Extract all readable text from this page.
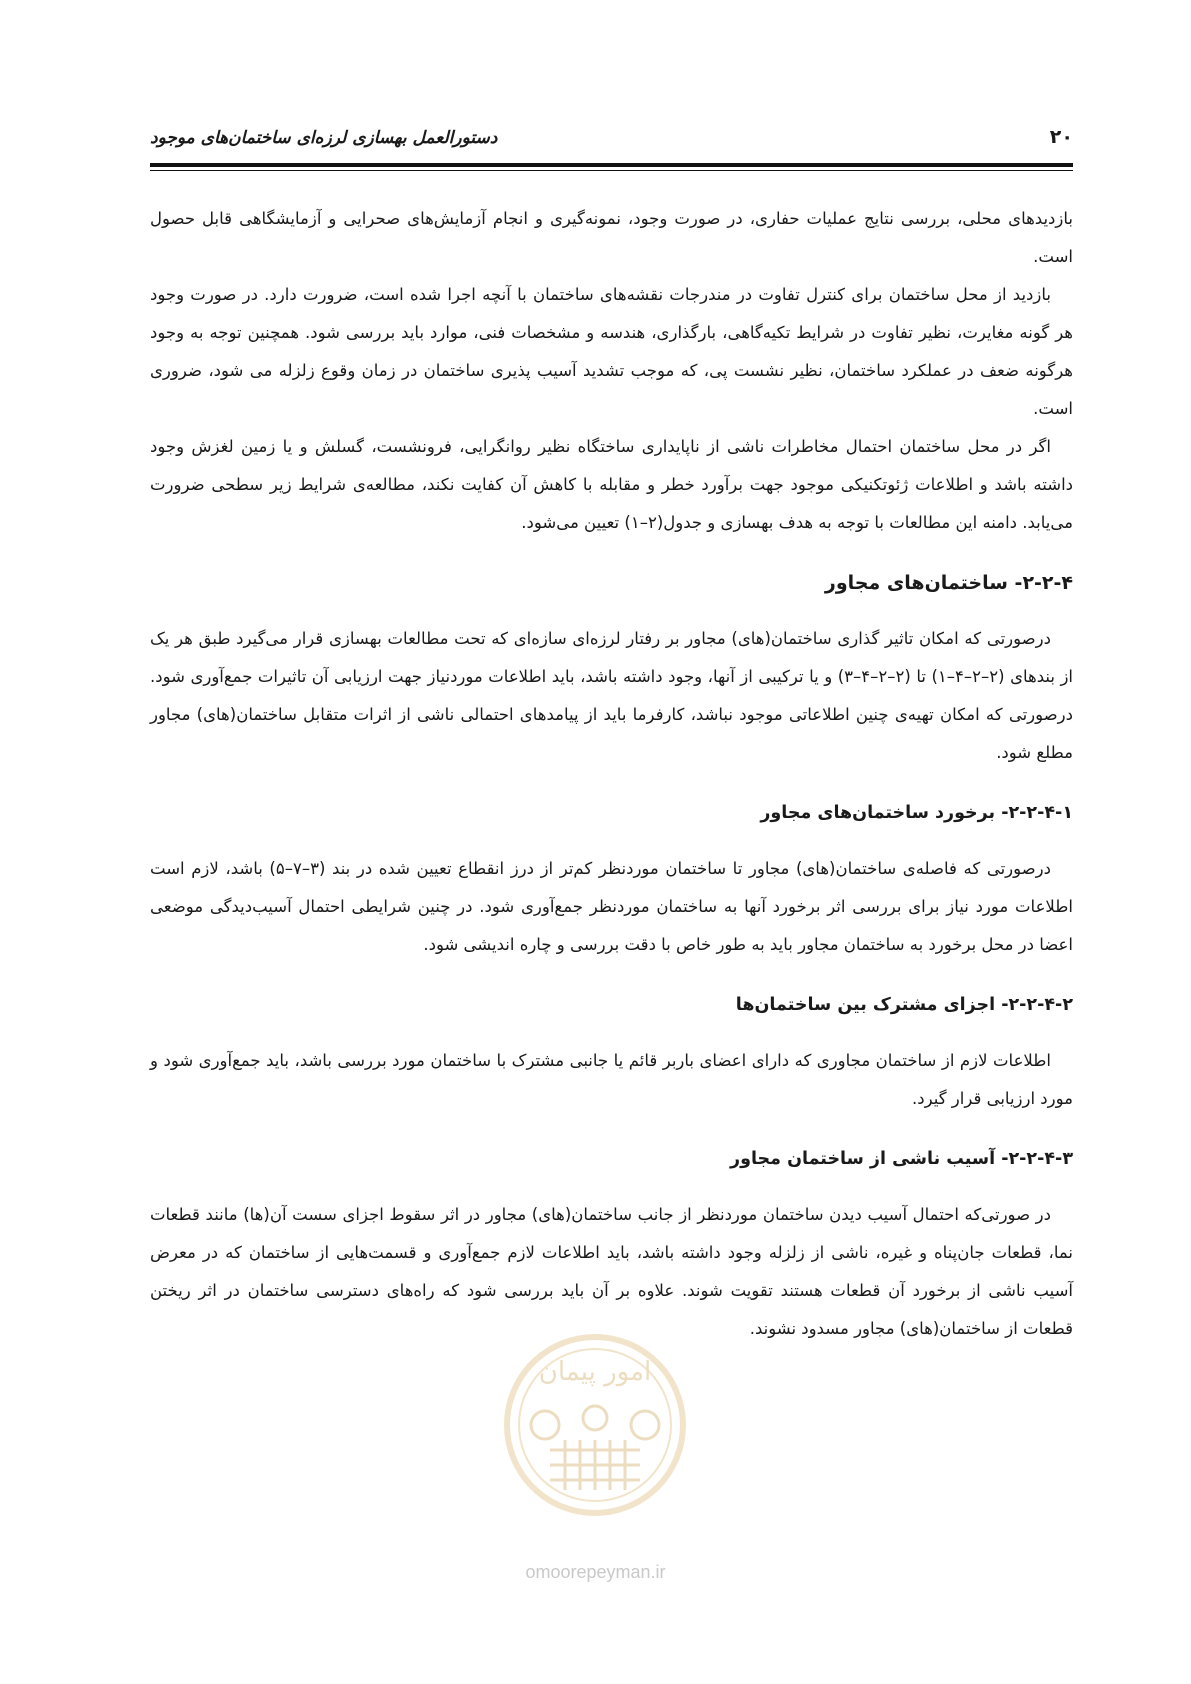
۲۰
دستورالعمل بهسازی لرزه‌ای ساختمان‌های موجود

بازدیدهای محلی، بررسی نتایج عملیات حفاری، در صورت وجود، نمونه‌گیری و انجام آزمایش‌های صحرایی و آزمایشگاهی قابل حصول است.

بازدید از محل ساختمان برای کنترل تفاوت در مندرجات نقشه‌های ساختمان با آنچه اجرا شده است، ضرورت دارد. در صورت وجود هر گونه مغایرت، نظیر تفاوت در شرایط تکیه‌گاهی، بارگذاری، هندسه و مشخصات فنی، موارد باید بررسی شود. همچنین توجه به وجود هرگونه ضعف در عملکرد ساختمان، نظیر نشست پی، که موجب تشدید آسیب پذیری ساختمان در زمان وقوع زلزله می شود، ضروری است.

اگر در محل ساختمان احتمال مخاطرات ناشی از ناپایداری ساختگاه نظیر روانگرایی، فرونشست، گسلش و یا زمین لغزش وجود داشته باشد و اطلاعات ژئوتکنیکی موجود جهت برآورد خطر و مقابله با کاهش آن کفایت نکند، مطالعه‌ی شرایط زیر سطحی ضرورت می‌یابد. دامنه این مطالعات با توجه به هدف بهسازی و جدول(۲–۱) تعیین می‌شود.

۲-۲-۴- ساختمان‌های مجاور

درصورتی که امکان تاثیر گذاری ساختمان(های) مجاور بر رفتار لرزه‌ای سازه‌ای که تحت مطالعات بهسازی قرار می‌گیرد طبق هر یک از بندهای (۲–۲–۴–۱) تا (۲–۲–۴–۳) و یا ترکیبی از آنها، وجود داشته باشد، باید اطلاعات موردنیاز جهت ارزیابی آن تاثیرات جمع‌آوری شود. درصورتی که امکان تهیه‌ی چنین اطلاعاتی موجود نباشد، کارفرما باید از پیامدهای احتمالی ناشی از اثرات متقابل ساختمان(های) مجاور مطلع شود.

۲-۲-۴-۱- برخورد ساختمان‌های مجاور

درصورتی که فاصله‌ی ساختمان(های) مجاور تا ساختمان موردنظر کم‌تر از درز انقطاع تعیین شده در بند (۳–۷–۵) باشد، لازم است اطلاعات مورد نیاز برای بررسی اثر برخورد آنها به ساختمان موردنظر جمع‌آوری شود. در چنین شرایطی احتمال آسیب‌دیدگی موضعی اعضا در محل برخورد به ساختمان مجاور باید به طور خاص با دقت بررسی و چاره اندیشی شود.

۲-۲-۴-۲- اجزای مشترک بین ساختمان‌ها

اطلاعات لازم از ساختمان مجاوری که دارای اعضای باربر قائم یا جانبی مشترک با ساختمان مورد بررسی باشد، باید جمع‌آوری شود و مورد ارزیابی قرار گیرد.

۲-۲-۴-۳- آسیب ناشی از ساختمان مجاور

در صورتی‌که احتمال آسیب دیدن ساختمان موردنظر از جانب ساختمان(های) مجاور در اثر سقوط اجزای سست آن(ها) مانند قطعات نما، قطعات جان‌پناه و غیره، ناشی از زلزله وجود داشته باشد، باید اطلاعات لازم جمع‌آوری و قسمت‌هایی از ساختمان که در معرض آسیب ناشی از برخورد آن قطعات هستند تقویت شوند. علاوه بر آن باید بررسی شود که راه‌های دسترسی ساختمان در اثر ریختن قطعات از ساختمان(های) مجاور مسدود نشوند.

امور پیمان
omoorepeyman.ir
